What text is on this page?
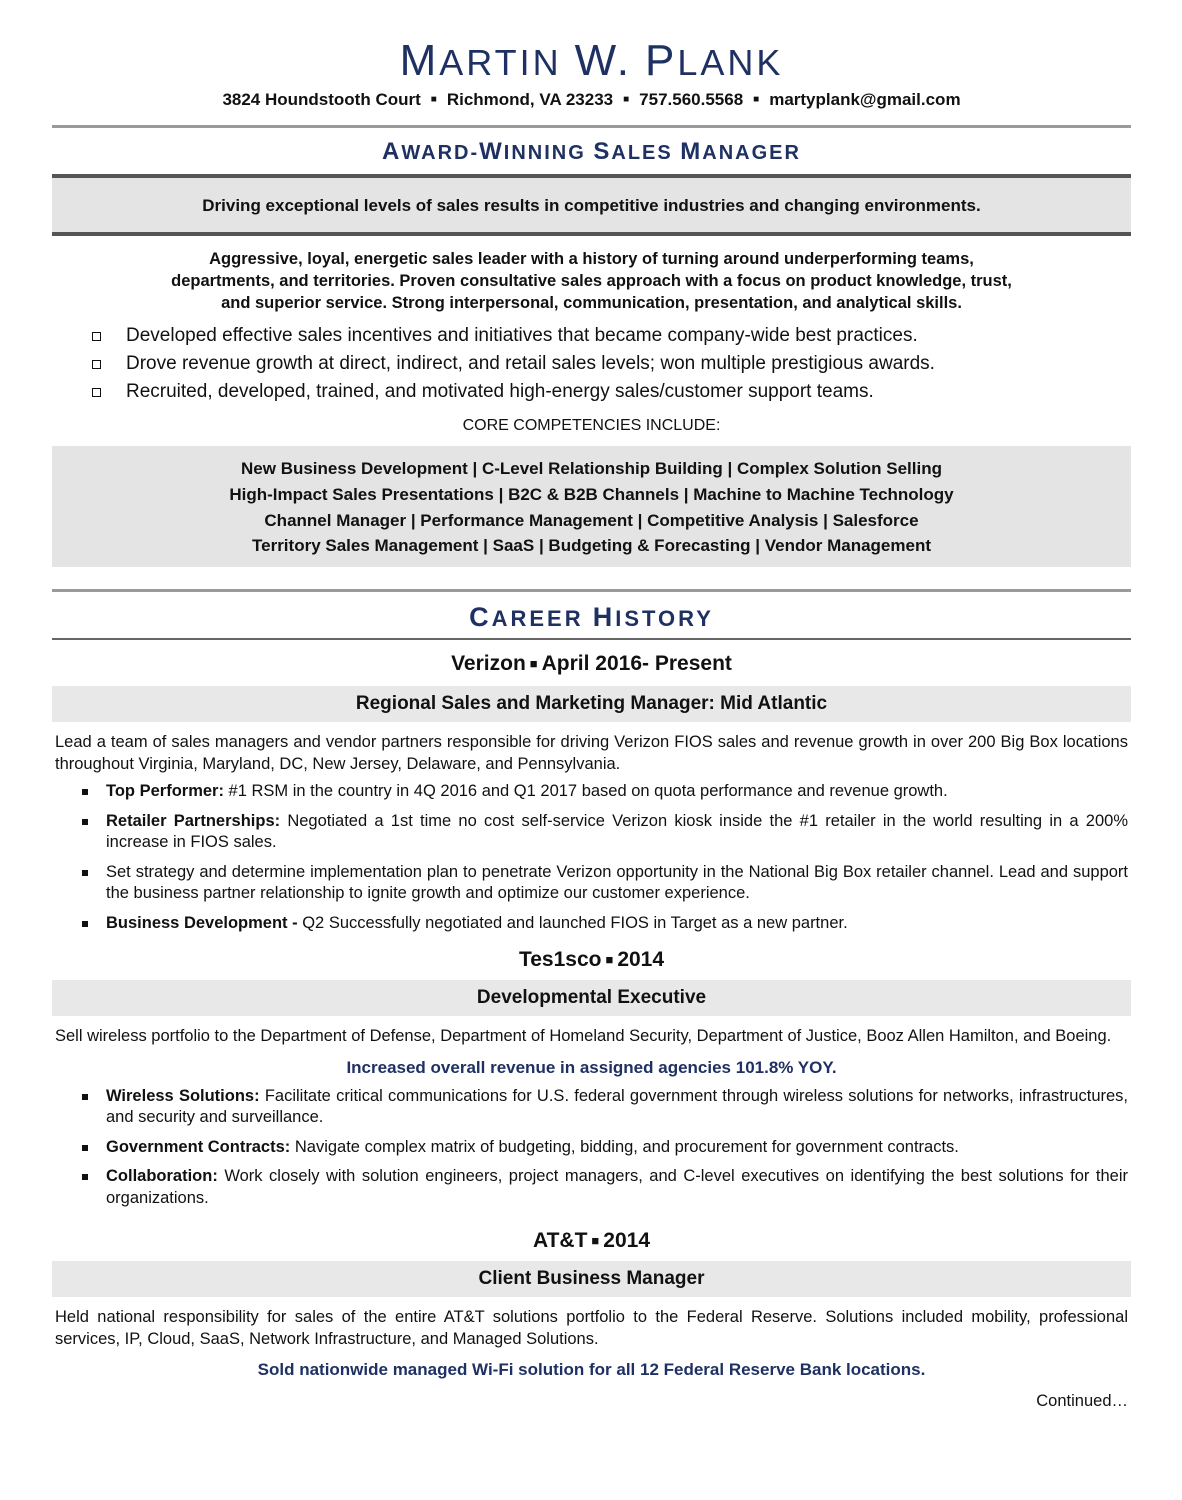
MARTIN W. PLANK
3824 Houndstooth Court ■ Richmond, VA 23233 ■ 757.560.5568 ■ martyplank@gmail.com
AWARD-WINNING SALES MANAGER
Driving exceptional levels of sales results in competitive industries and changing environments.
Aggressive, loyal, energetic sales leader with a history of turning around underperforming teams,
departments, and territories. Proven consultative sales approach with a focus on product knowledge, trust,
and superior service. Strong interpersonal, communication, presentation, and analytical skills.
Developed effective sales incentives and initiatives that became company-wide best practices.
Drove revenue growth at direct, indirect, and retail sales levels; won multiple prestigious awards.
Recruited, developed, trained, and motivated high-energy sales/customer support teams.
CORE COMPETENCIES INCLUDE:
New Business Development | C-Level Relationship Building | Complex Solution Selling
High-Impact Sales Presentations | B2C & B2B Channels | Machine to Machine Technology
Channel Manager | Performance Management | Competitive Analysis | Salesforce
Territory Sales Management | SaaS | Budgeting & Forecasting | Vendor Management
CAREER HISTORY
Verizon ■ April 2016- Present
Regional Sales and Marketing Manager: Mid Atlantic
Lead a team of sales managers and vendor partners responsible for driving Verizon FIOS sales and revenue growth in over 200 Big Box locations throughout Virginia, Maryland, DC, New Jersey, Delaware, and Pennsylvania.
Top Performer: #1 RSM in the country in 4Q 2016 and Q1 2017 based on quota performance and revenue growth.
Retailer Partnerships: Negotiated a 1st time no cost self-service Verizon kiosk inside the #1 retailer in the world resulting in a 200% increase in FIOS sales.
Set strategy and determine implementation plan to penetrate Verizon opportunity in the National Big Box retailer channel. Lead and support the business partner relationship to ignite growth and optimize our customer experience.
Business Development - Q2 Successfully negotiated and launched FIOS in Target as a new partner.
Tes1sco ■ 2014
Developmental Executive
Sell wireless portfolio to the Department of Defense, Department of Homeland Security, Department of Justice, Booz Allen Hamilton, and Boeing.
Increased overall revenue in assigned agencies 101.8% YOY.
Wireless Solutions: Facilitate critical communications for U.S. federal government through wireless solutions for networks, infrastructures, and security and surveillance.
Government Contracts: Navigate complex matrix of budgeting, bidding, and procurement for government contracts.
Collaboration: Work closely with solution engineers, project managers, and C-level executives on identifying the best solutions for their organizations.
AT&T ■ 2014
Client Business Manager
Held national responsibility for sales of the entire AT&T solutions portfolio to the Federal Reserve. Solutions included mobility, professional services, IP, Cloud, SaaS, Network Infrastructure, and Managed Solutions.
Sold nationwide managed Wi-Fi solution for all 12 Federal Reserve Bank locations.
Continued…
